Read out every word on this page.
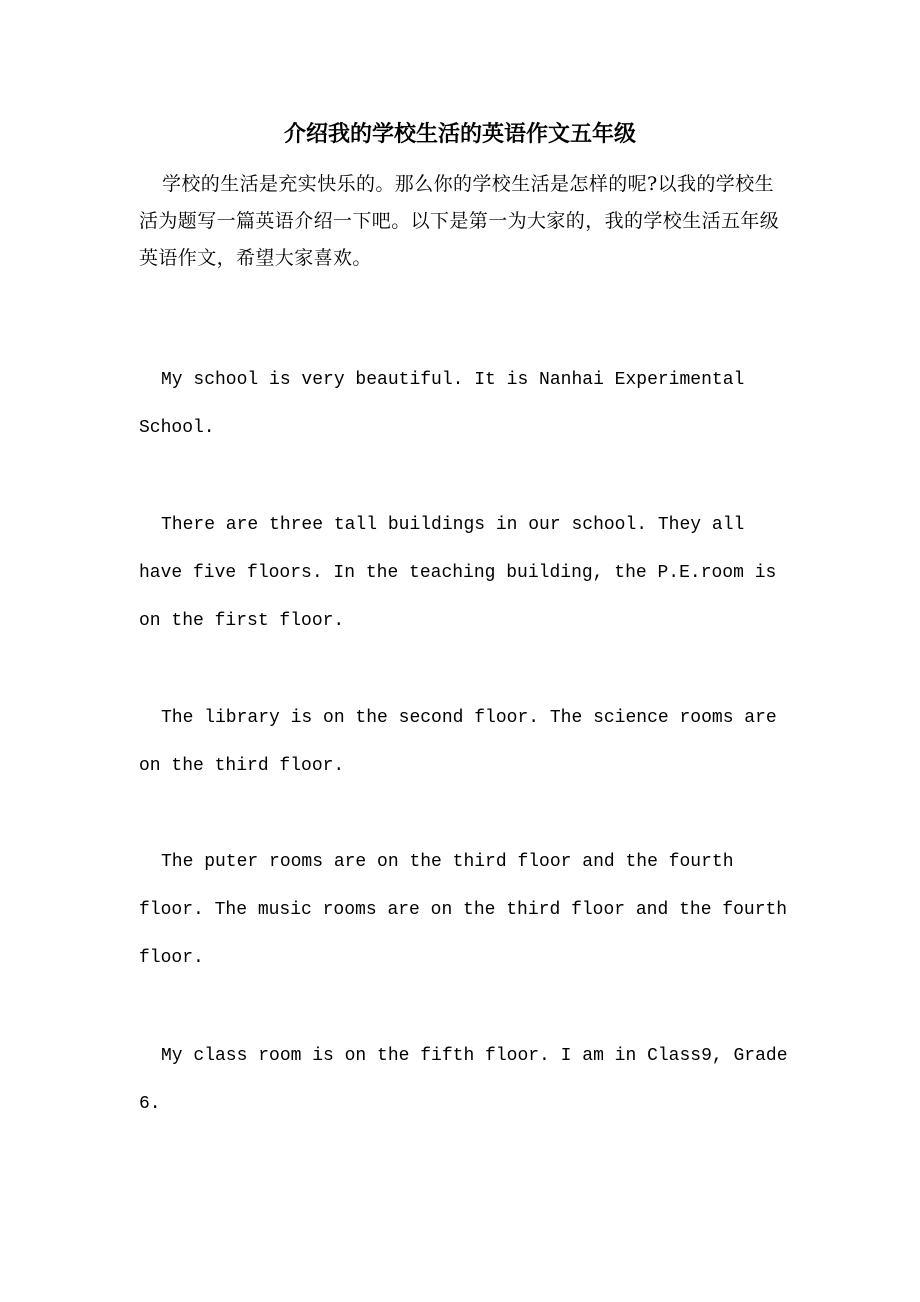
介绍我的学校生活的英语作文五年级

学校的生活是充实快乐的。那么你的学校生活是怎样的呢?以我的学校生活为题写一篇英语介绍一下吧。以下是第一为大家的，我的学校生活五年级英语作文，希望大家喜欢。

My school is very beautiful. It is Nanhai Experimental School.

There are three tall buildings in our school. They all have five floors. In the teaching building, the P.E.room is on the first floor.

The library is on the second floor. The science rooms are on the third floor.

The puter rooms are on the third floor and the fourth floor. The music rooms are on the third floor and the fourth floor.

My class room is on the fifth floor. I am in Class9, Grade 6.
